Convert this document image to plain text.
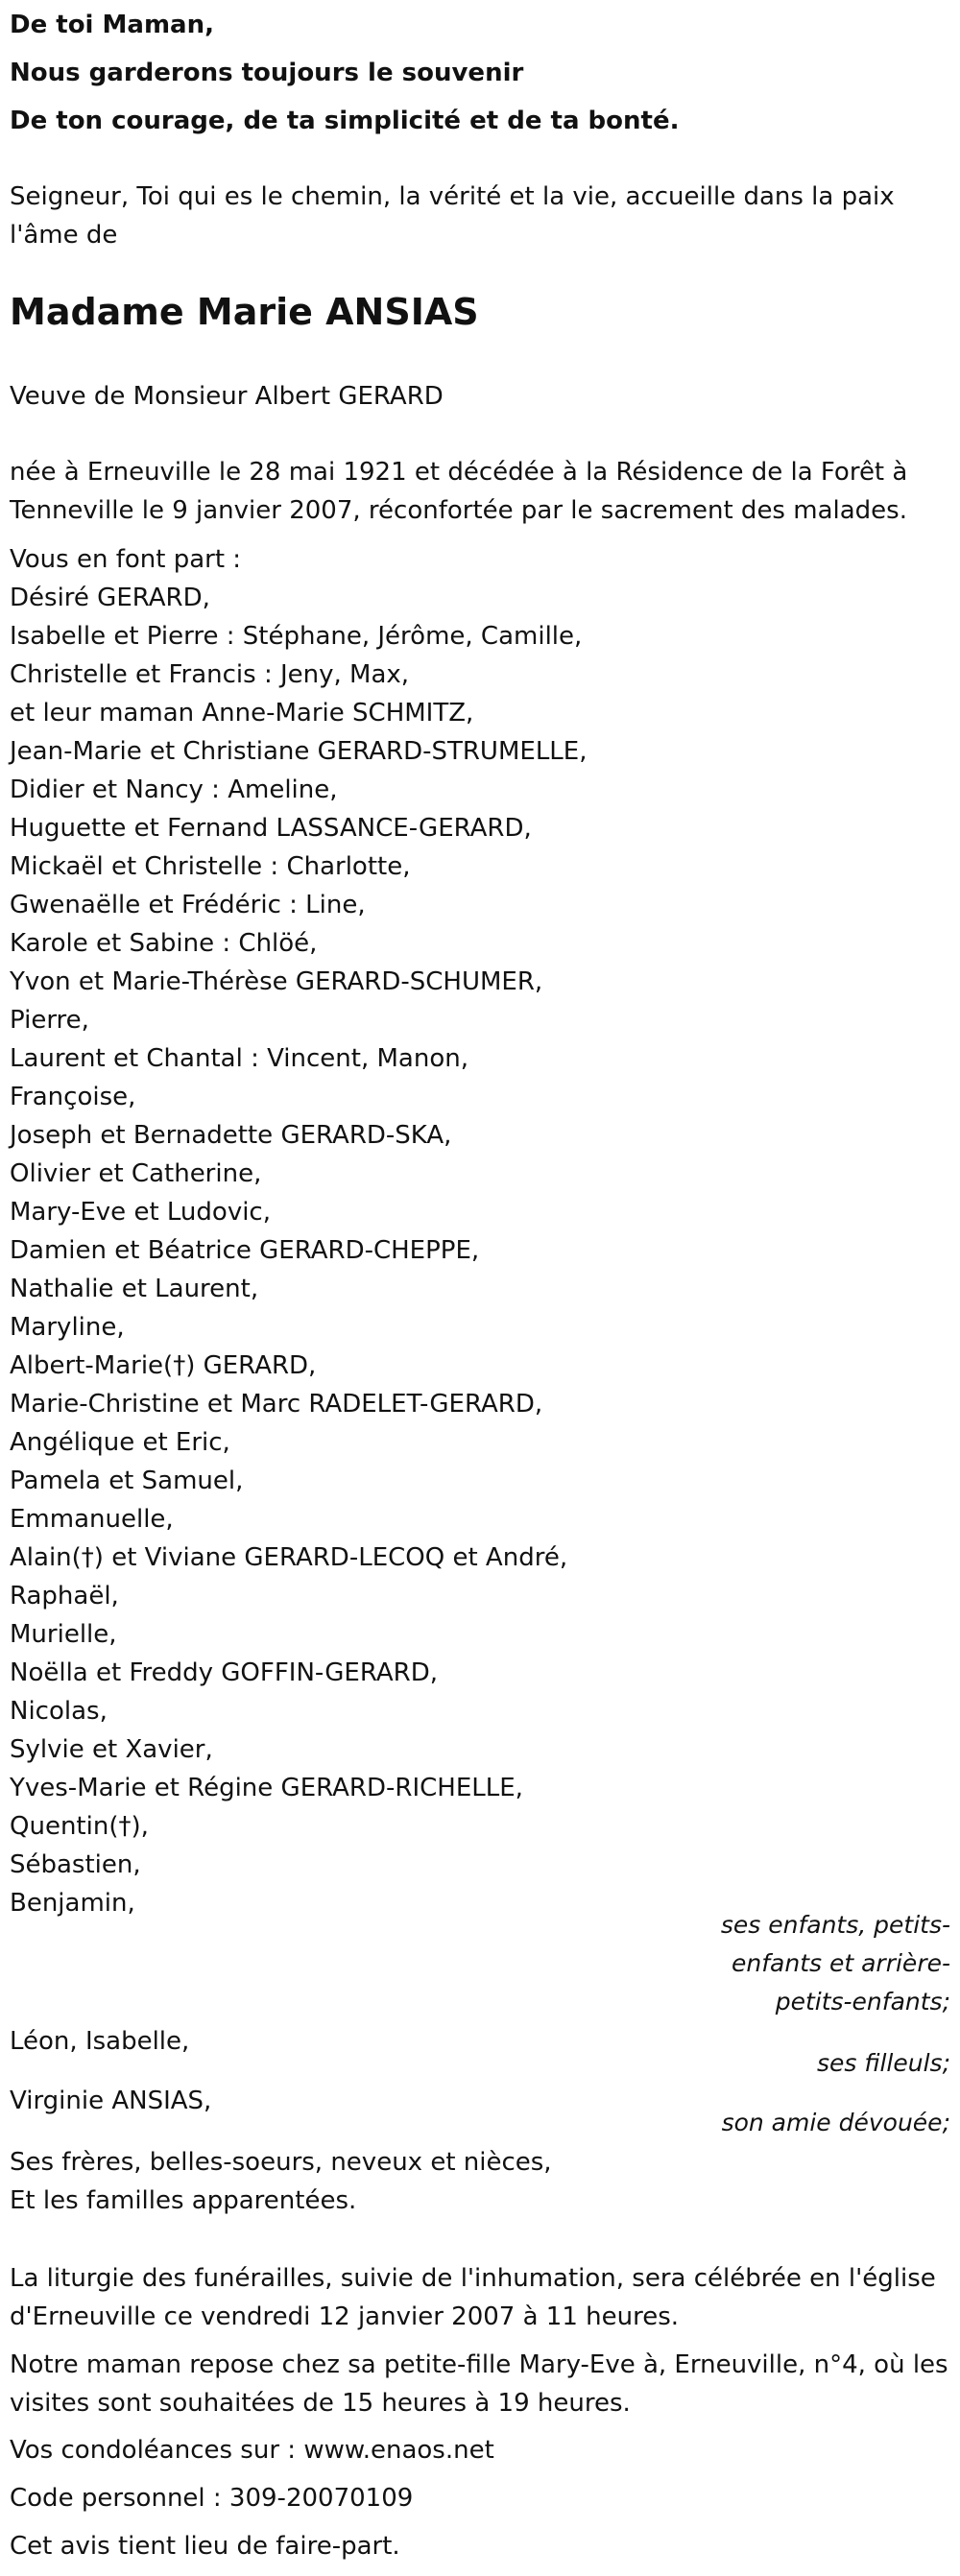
De toi Maman,
Nous garderons toujours le souvenir
De ton courage, de ta simplicité et de ta bonté.
Seigneur, Toi qui es le chemin, la vérité et la vie, accueille dans la paix l'âme de
Madame Marie ANSIAS
Veuve de Monsieur Albert GERARD
née à Erneuville le 28 mai 1921 et décédée à la Résidence de la Forêt à Tenneville le 9 janvier 2007, réconfortée par le sacrement des malades.
Vous en font part :
Désiré GERARD,
Isabelle et Pierre : Stéphane, Jérôme, Camille,
Christelle et Francis : Jeny, Max,
et leur maman Anne-Marie SCHMITZ,
Jean-Marie et Christiane GERARD-STRUMELLE,
Didier et Nancy : Ameline,
Huguette et Fernand LASSANCE-GERARD,
Mickaël et Christelle : Charlotte,
Gwenaëlle et Frédéric : Line,
Karole et Sabine : Chlöé,
Yvon et Marie-Thérèse GERARD-SCHUMER,
Pierre,
Laurent et Chantal : Vincent, Manon,
Françoise,
Joseph et Bernadette GERARD-SKA,
Olivier et Catherine,
Mary-Eve et Ludovic,
Damien et Béatrice GERARD-CHEPPE,
Nathalie et Laurent,
Maryline,
Albert-Marie(†) GERARD,
Marie-Christine et Marc RADELET-GERARD,
Angélique et Eric,
Pamela et Samuel,
Emmanuelle,
Alain(†) et Viviane GERARD-LECOQ et André,
Raphaël,
Murielle,
Noëlla et Freddy GOFFIN-GERARD,
Nicolas,
Sylvie et Xavier,
Yves-Marie et Régine GERARD-RICHELLE,
Quentin(†),
Sébastien,
Benjamin,
ses enfants, petits-enfants et arrière-petits-enfants;
Léon, Isabelle,
ses filleuls;
Virginie ANSIAS,
son amie dévouée;
Ses frères, belles-soeurs, neveux et nièces,
Et les familles apparentées.
La liturgie des funérailles, suivie de l'inhumation, sera célébrée en l'église d'Erneuville ce vendredi 12 janvier 2007 à 11 heures.
Notre maman repose chez sa petite-fille Mary-Eve à, Erneuville, n°4, où les visites sont souhaitées de 15 heures à 19 heures.
Vos condoléances sur : www.enaos.net
Code personnel : 309-20070109
Cet avis tient lieu de faire-part.
